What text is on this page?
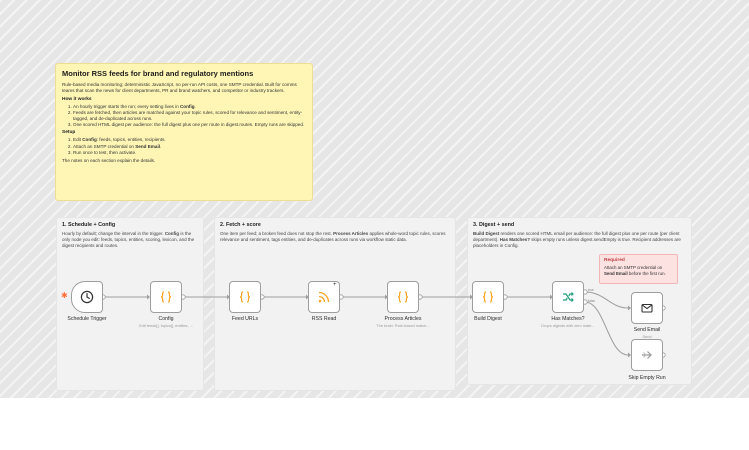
Monitor RSS feeds for brand and regulatory mentions
Rule-based media monitoring; deterministic JavaScript, no per-run API costs, one SMTP credential. Built for comms teams that scan the news for client departments, PR and brand watchers, and competitor or industry trackers.
How it works
1. An hourly trigger starts the run; every setting lives in Config.
2. Feeds are fetched, then articles are matched against your topic rules, scored for relevance and sentiment, entity-tagged, and de-duplicated across runs.
3. One scored HTML digest per audience: the full digest plus one per route in digest.routes. Empty runs are skipped.
Setup
1. Edit Config: feeds, topics, entities, recipients.
2. Attach an SMTP credential on Send Email.
3. Run once to test, then activate.
The notes on each section explain the details.
1. Schedule + Config
Hourly by default; change the interval in the trigger. Config is the only node you edit: feeds, topics, entities, scoring, lexicon, and the digest recipients and routes.
2. Fetch + score
One item per feed; a broken feed does not stop the rest. Process Articles applies whole-word topic rules, scores relevance and sentiment, tags entities, and de-duplicates across runs via workflow static data.
3. Digest + send
Build Digest renders one scored HTML email per audience: the full digest plus one per route (per client department). Has Matches? skips empty runs unless digest.sendEmpty is true. Recipient addresses are placeholders in Config.
Required
Attach an SMTP credential on Send Email before the first run.
true
false
✱
Schedule Trigger	Config
Edit feeds[], topics[], entities, ...
Feed URLs
+
RSS Read	Process Articles
The brain: Rule-based match...
Build Digest	Has Matches?
Drops digests with zero mate...
Send Email
Send
Skip Empty Run
